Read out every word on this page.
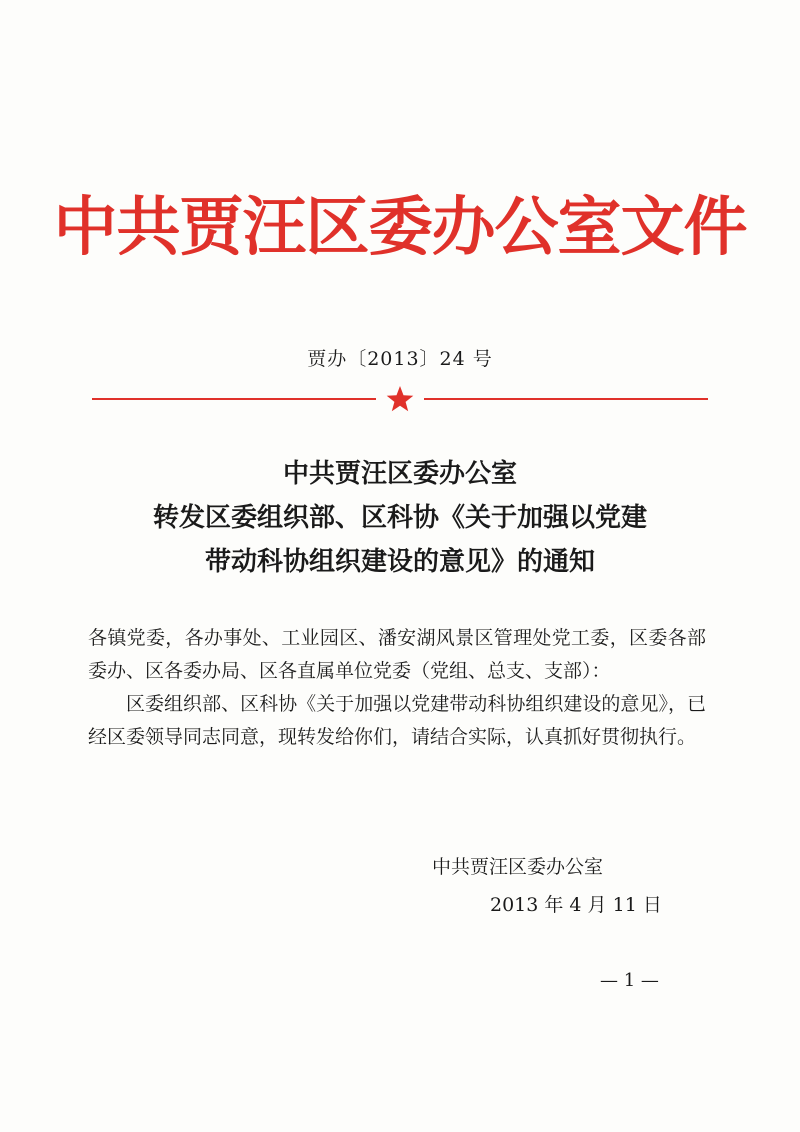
中共贾汪区委办公室文件
贾办〔2013〕24 号
中共贾汪区委办公室
转发区委组织部、区科协《关于加强以党建
带动科协组织建设的意见》的通知

各镇党委，各办事处、工业园区、潘安湖风景区管理处党工委，区委各部委办、区各委办局、区各直属单位党委（党组、总支、支部）：

区委组织部、区科协《关于加强以党建带动科协组织建设的意见》，已经区委领导同志同意，现转发给你们，请结合实际，认真抓好贯彻执行。

中共贾汪区委办公室
2013 年 4 月 11 日
— 1 —
